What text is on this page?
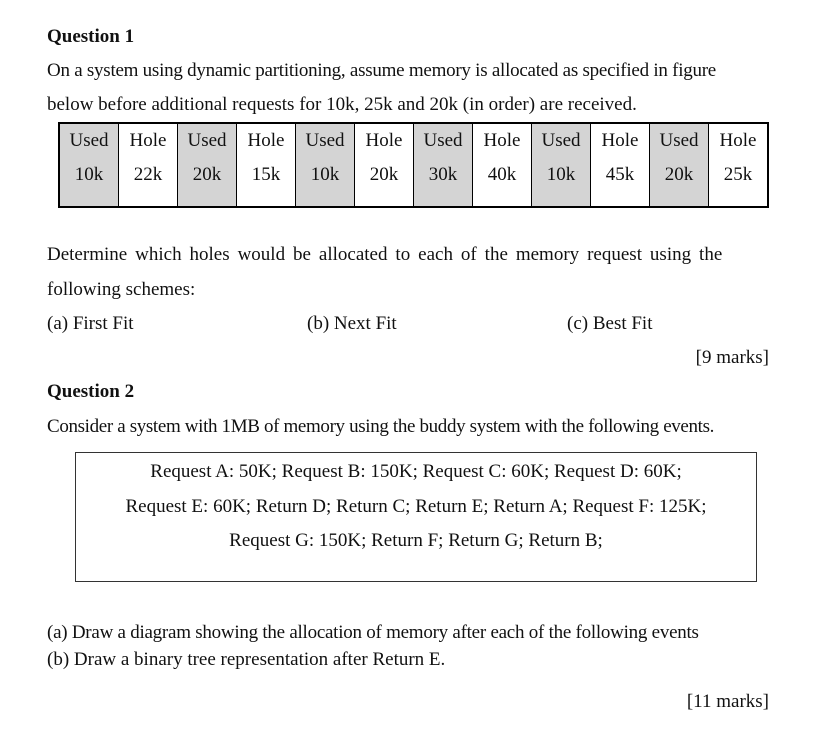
Question 1
On a system using dynamic partitioning, assume memory is allocated as specified in figure
below before additional requests for 10k, 25k and 20k (in order) are received.
Used
10k
Hole
22k
Used
20k
Hole
15k
Used
10k
Hole
20k
Used
30k
Hole
40k
Used
10k
Hole
45k
Used
20k
Hole
25k
Determine which holes would be allocated to each of the memory request using the
following schemes:
(a) First Fit	(b) Next Fit	(c) Best Fit
[9 marks]
Question 2
Consider a system with 1MB of memory using the buddy system with the following events.
Request A: 50K; Request B: 150K; Request C: 60K; Request D: 60K;
Request E: 60K; Return D; Return C; Return E; Return A; Request F: 125K;
Request G: 150K; Return F; Return G; Return B;
(a) Draw a diagram showing the allocation of memory after each of the following events
(b) Draw a binary tree representation after Return E.
[11 marks]
